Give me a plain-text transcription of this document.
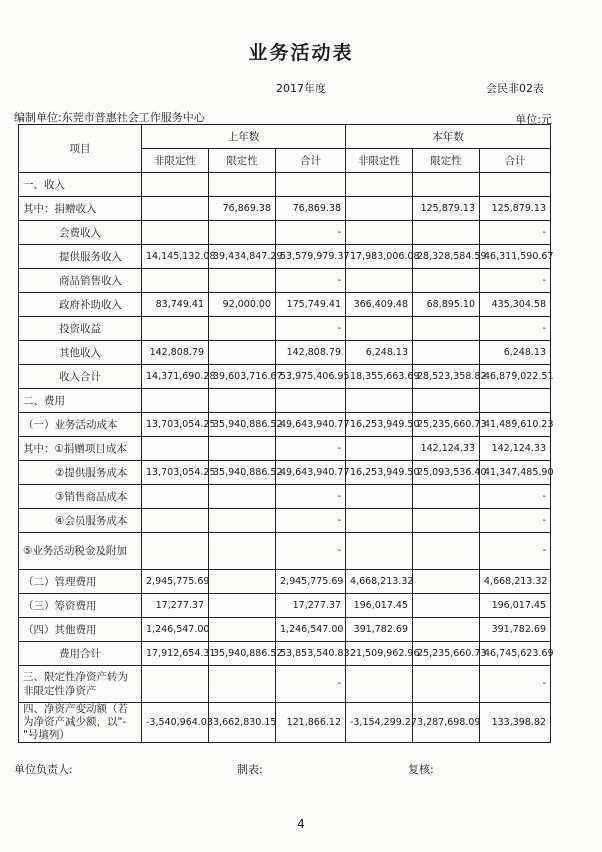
业务活动表
2017年度	会民非02表
编制单位:东莞市普惠社会工作服务中心	单位:元
项目	上年数			本年数		
	非限定性	限定性	合计	非限定性	限定性	合计
一、收入						
其中：捐赠收入		76,869.38	76,869.38		125,879.13	125,879.13
会费收入			-			-
提供服务收入	14,145,132.08	39,434,847.29	53,579,979.37	17,983,006.08	28,328,584.59	46,311,590.67
商品销售收入			-			-
政府补助收入	83,749.41	92,000.00	175,749.41	366,409.48	68,895.10	435,304.58
投资收益			-			-
其他收入	142,808.79		142,808.79	6,248.13		6,248.13
收入合计	14,371,690.28	39,603,716.67	53,975,406.95	18,355,663.69	28,523,358.82	46,879,022.51
二、费用						
（一）业务活动成本	13,703,054.25	35,940,886.52	49,643,940.77	16,253,949.50	25,235,660.73	41,489,610.23
其中：①捐赠项目成本			-		142,124.33	142,124.33
②提供服务成本	13,703,054.25	35,940,886.52	49,643,940.77	16,253,949.50	25,093,536.40	41,347,485.90
③销售商品成本			-			-
④会员服务成本			-			-
⑤业务活动税金及附加			-			-
（二）管理费用	2,945,775.69		2,945,775.69	4,668,213.32		4,668,213.32
（三）筹资费用	17,277.37		17,277.37	196,017.45		196,017.45
（四）其他费用	1,246,547.00		1,246,547.00	391,782.69		391,782.69
费用合计	17,912,654.31	35,940,886.52	53,853,540.83	21,509,962.96	25,235,660.73	46,745,623.69
三、限定性净资产转为非限定性净资产			-			-
四、净资产变动额（若为净资产减少额，以"-"号填列）	-3,540,964.03	3,662,830.15	121,866.12	-3,154,299.27	3,287,698.09	133,398.82
单位负责人:	制表:	复核:
4
